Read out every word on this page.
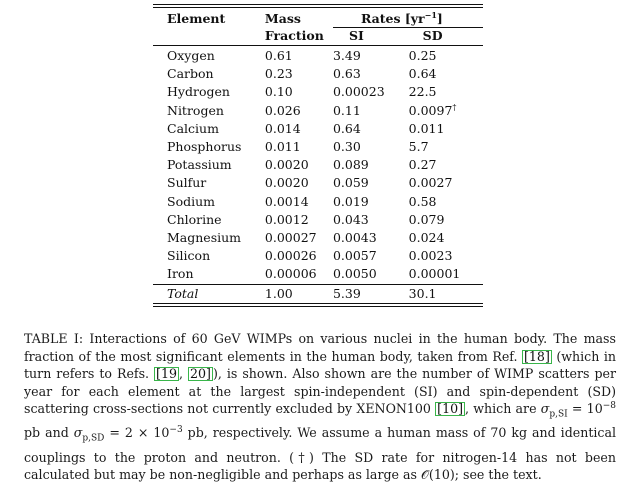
Element	Mass	Rates $[yr^{-1}]$	

	Fraction	SI	SD

Oxygen	0.61	3.49	0.25
Carbon	0.23	0.63	0.64
Hydrogen	0.10	0.00023	22.5
Nitrogen	0.026	0.11	0.0097†
Calcium	0.014	0.64	0.011
Phosphorus	0.011	0.30	5.7
Potassium	0.0020	0.089	0.27
Sulfur	0.0020	0.059	0.0027
Sodium	0.0014	0.019	0.58
Chlorine	0.0012	0.043	0.079
Magnesium	0.00027	0.0043	0.024
Silicon	0.00026	0.0057	0.0023
Iron	0.00006	0.0050	0.00001
Total	1.00	5.39	30.1

TABLE I: Interactions of 60 GeV WIMPs on various nuclei in the human body. The mass fraction of the most significant elements in the human body, taken from Ref. [18] (which in turn refers to Refs. [19 , 20] ), is shown. Also shown are the number of WIMP scatters per year for each element at the largest spin-independent (SI) and spin-dependent (SD) scattering cross-sections not currently excluded by XENON100 [10] , which are $\sigma_{p,SI} = 10^{-8}$ pb and $\sigma_{p,SD} = 2 \times 10^{-3}$ pb, respectively. We assume a human mass of 70 kg and identical couplings to the proton and neutron. (†) The SD rate for nitrogen-14 has not been calculated but may be non-negligible and perhaps as large as 𝒪(10); see the text.
